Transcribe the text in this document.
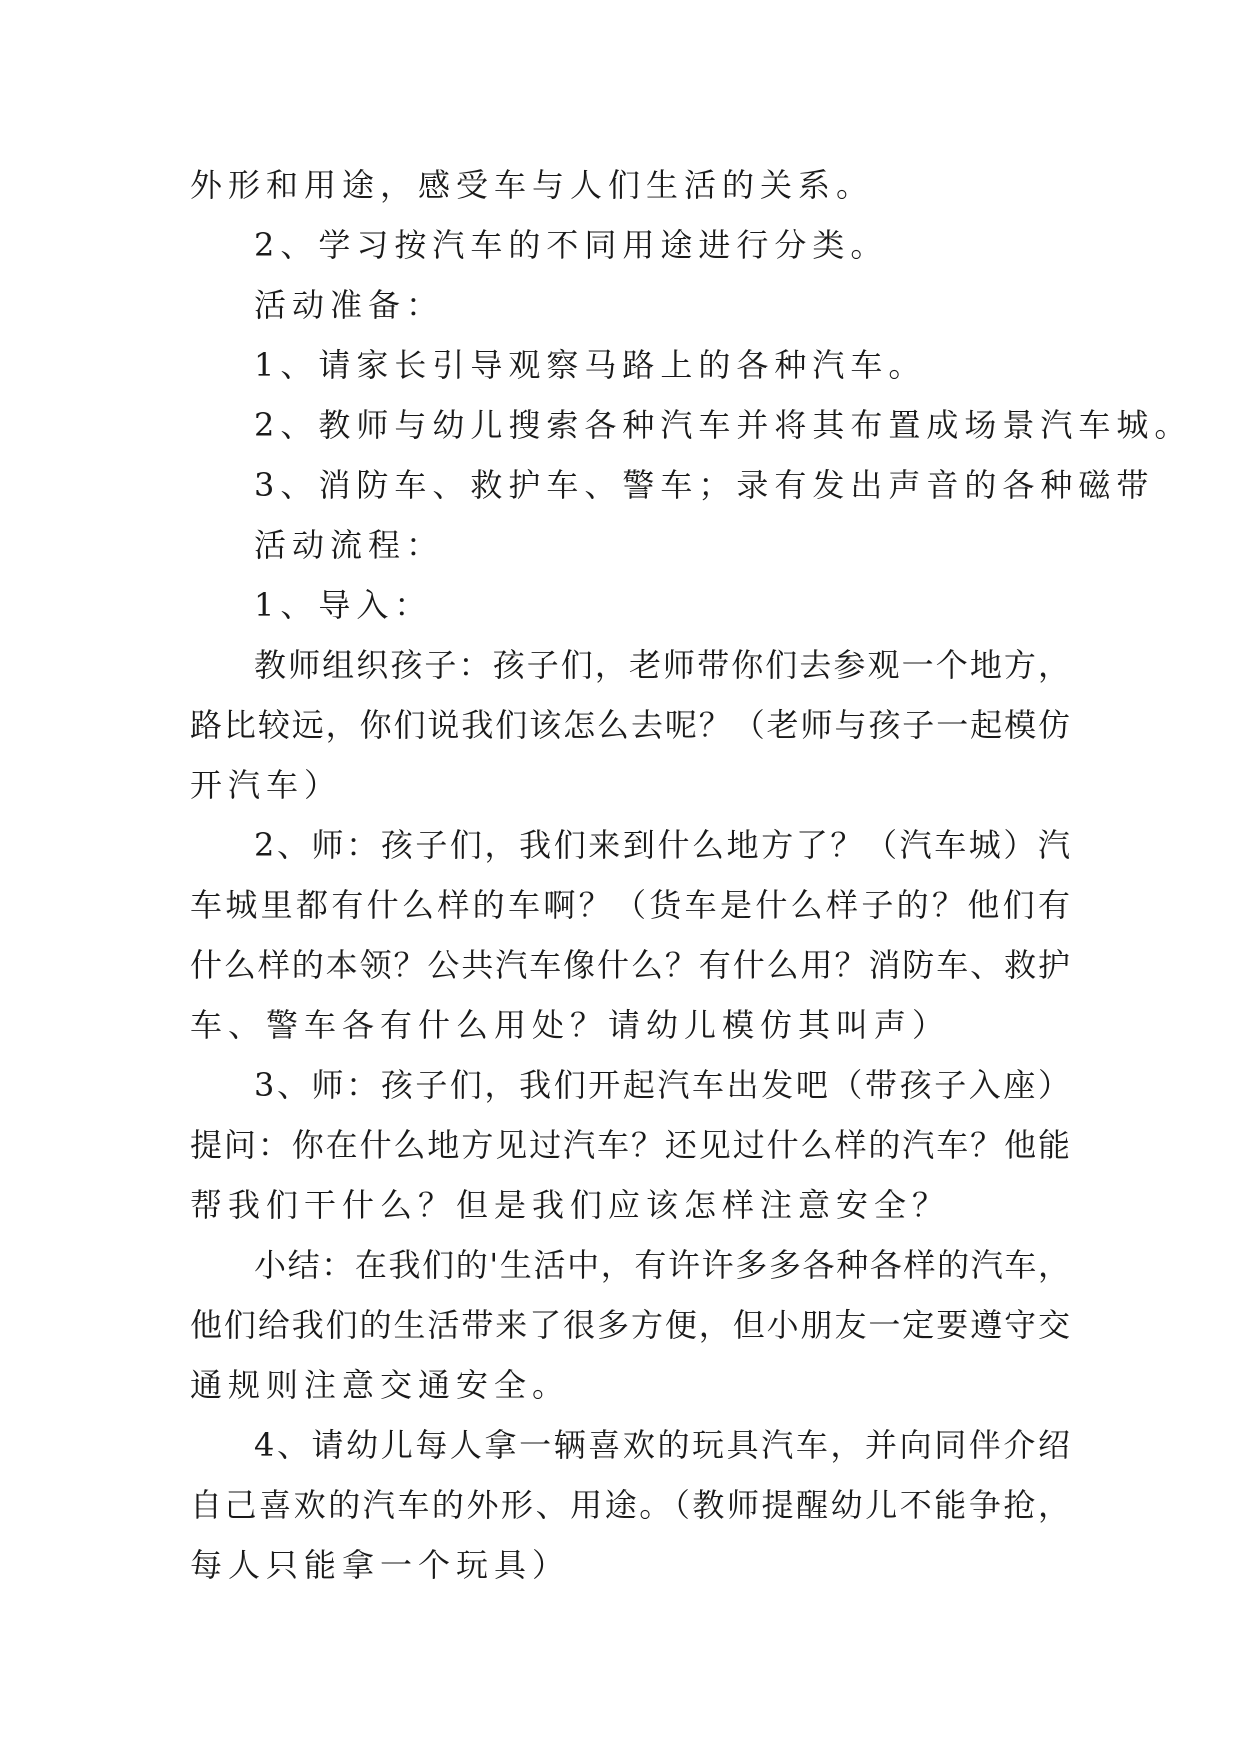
外形和用途，感受车与人们生活的关系。
2、学习按汽车的不同用途进行分类。
活动准备：
1、请家长引导观察马路上的各种汽车。
2、教师与幼儿搜索各种汽车并将其布置成场景汽车城。
3、消防车、救护车、警车；录有发出声音的各种磁带
活动流程：
1、导入：
教师组织孩子：孩子们，老师带你们去参观一个地方，
路比较远，你们说我们该怎么去呢？（老师与孩子一起模仿
开汽车）
2、师：孩子们，我们来到什么地方了？（汽车城）汽
车城里都有什么样的车啊？（货车是什么样子的？他们有
什么样的本领？公共汽车像什么？有什么用？消防车、救护
车、警车各有什么用处？请幼儿模仿其叫声）
3、师：孩子们，我们开起汽车出发吧（带孩子入座）
提问：你在什么地方见过汽车？还见过什么样的汽车？他能
帮我们干什么？但是我们应该怎样注意安全？
小结：在我们的'生活中，有许许多多各种各样的汽车，
他们给我们的生活带来了很多方便，但小朋友一定要遵守交
通规则注意交通安全。
4、请幼儿每人拿一辆喜欢的玩具汽车，并向同伴介绍
自己喜欢的汽车的外形、用途。（教师提醒幼儿不能争抢，
每人只能拿一个玩具）
